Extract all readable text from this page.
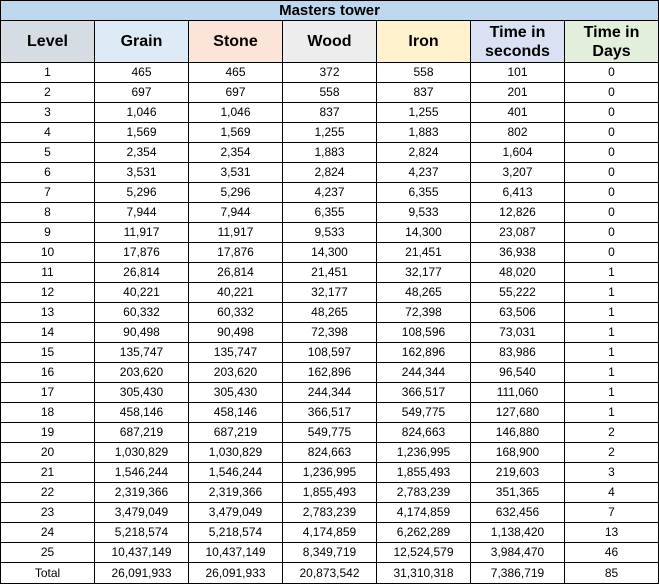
Masters tower						
Level	Grain	Stone	Wood	Iron	Time in seconds	Time in Days
1	465	465	372	558	101	0
2	697	697	558	837	201	0
3	1,046	1,046	837	1,255	401	0
4	1,569	1,569	1,255	1,883	802	0
5	2,354	2,354	1,883	2,824	1,604	0
6	3,531	3,531	2,824	4,237	3,207	0
7	5,296	5,296	4,237	6,355	6,413	0
8	7,944	7,944	6,355	9,533	12,826	0
9	11,917	11,917	9,533	14,300	23,087	0
10	17,876	17,876	14,300	21,451	36,938	0
11	26,814	26,814	21,451	32,177	48,020	1
12	40,221	40,221	32,177	48,265	55,222	1
13	60,332	60,332	48,265	72,398	63,506	1
14	90,498	90,498	72,398	108,596	73,031	1
15	135,747	135,747	108,597	162,896	83,986	1
16	203,620	203,620	162,896	244,344	96,540	1
17	305,430	305,430	244,344	366,517	111,060	1
18	458,146	458,146	366,517	549,775	127,680	1
19	687,219	687,219	549,775	824,663	146,880	2
20	1,030,829	1,030,829	824,663	1,236,995	168,900	2
21	1,546,244	1,546,244	1,236,995	1,855,493	219,603	3
22	2,319,366	2,319,366	1,855,493	2,783,239	351,365	4
23	3,479,049	3,479,049	2,783,239	4,174,859	632,456	7
24	5,218,574	5,218,574	4,174,859	6,262,289	1,138,420	13
25	10,437,149	10,437,149	8,349,719	12,524,579	3,984,470	46
Total	26,091,933	26,091,933	20,873,542	31,310,318	7,386,719	85
